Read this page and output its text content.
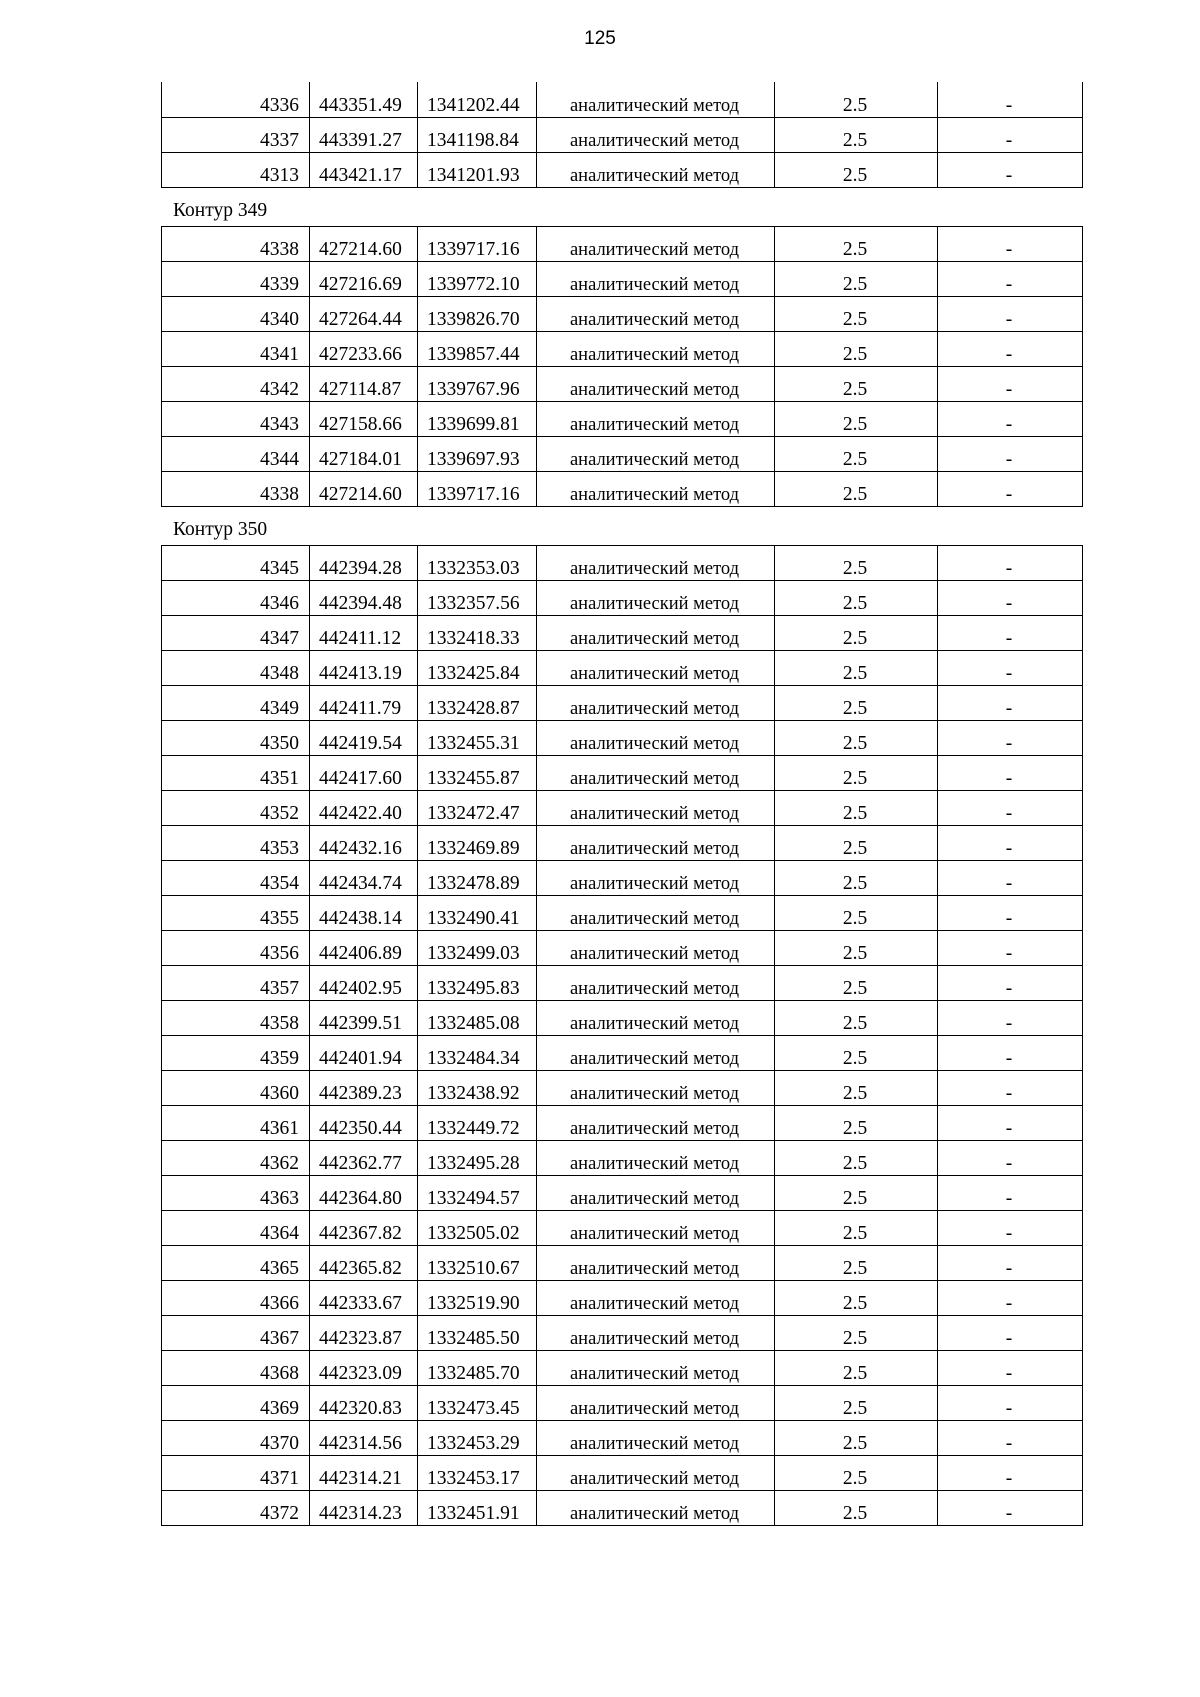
125
4336	443351.49	1341202.44	аналитический метод	2.5	-
4337	443391.27	1341198.84	аналитический метод	2.5	-
4313	443421.17	1341201.93	аналитический метод	2.5	-
Контур 349
4338	427214.60	1339717.16	аналитический метод	2.5	-
4339	427216.69	1339772.10	аналитический метод	2.5	-
4340	427264.44	1339826.70	аналитический метод	2.5	-
4341	427233.66	1339857.44	аналитический метод	2.5	-
4342	427114.87	1339767.96	аналитический метод	2.5	-
4343	427158.66	1339699.81	аналитический метод	2.5	-
4344	427184.01	1339697.93	аналитический метод	2.5	-
4338	427214.60	1339717.16	аналитический метод	2.5	-
Контур 350
4345	442394.28	1332353.03	аналитический метод	2.5	-
4346	442394.48	1332357.56	аналитический метод	2.5	-
4347	442411.12	1332418.33	аналитический метод	2.5	-
4348	442413.19	1332425.84	аналитический метод	2.5	-
4349	442411.79	1332428.87	аналитический метод	2.5	-
4350	442419.54	1332455.31	аналитический метод	2.5	-
4351	442417.60	1332455.87	аналитический метод	2.5	-
4352	442422.40	1332472.47	аналитический метод	2.5	-
4353	442432.16	1332469.89	аналитический метод	2.5	-
4354	442434.74	1332478.89	аналитический метод	2.5	-
4355	442438.14	1332490.41	аналитический метод	2.5	-
4356	442406.89	1332499.03	аналитический метод	2.5	-
4357	442402.95	1332495.83	аналитический метод	2.5	-
4358	442399.51	1332485.08	аналитический метод	2.5	-
4359	442401.94	1332484.34	аналитический метод	2.5	-
4360	442389.23	1332438.92	аналитический метод	2.5	-
4361	442350.44	1332449.72	аналитический метод	2.5	-
4362	442362.77	1332495.28	аналитический метод	2.5	-
4363	442364.80	1332494.57	аналитический метод	2.5	-
4364	442367.82	1332505.02	аналитический метод	2.5	-
4365	442365.82	1332510.67	аналитический метод	2.5	-
4366	442333.67	1332519.90	аналитический метод	2.5	-
4367	442323.87	1332485.50	аналитический метод	2.5	-
4368	442323.09	1332485.70	аналитический метод	2.5	-
4369	442320.83	1332473.45	аналитический метод	2.5	-
4370	442314.56	1332453.29	аналитический метод	2.5	-
4371	442314.21	1332453.17	аналитический метод	2.5	-
4372	442314.23	1332451.91	аналитический метод	2.5	-
